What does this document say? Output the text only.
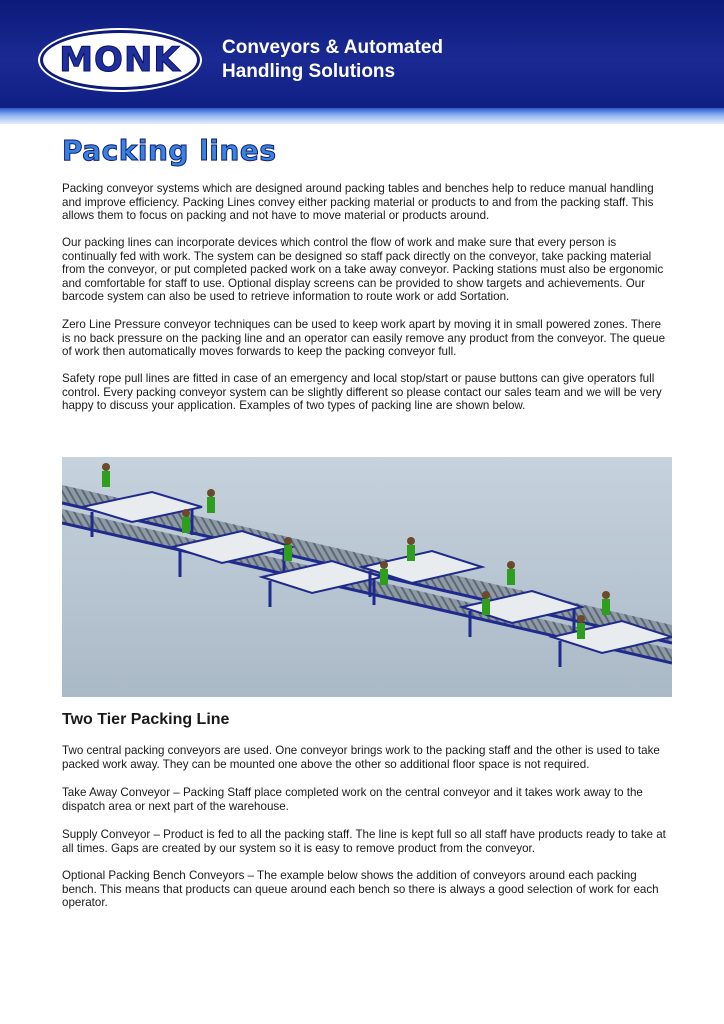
MONK Conveyors & Automated
Handling Solutions
Packing lines

Packing conveyor systems which are designed around packing tables and benches help to reduce manual handling and improve efficiency. Packing Lines convey either packing material or products to and from the packing staff. This allows them to focus on packing and not have to move material or products around.

Our packing lines can incorporate devices which control the flow of work and make sure that every person is continually fed with work. The system can be designed so staff pack directly on the conveyor, take packing material from the conveyor, or put completed packed work on a take away conveyor. Packing stations must also be ergonomic and comfortable for staff to use. Optional display screens can be provided to show targets and achievements. Our barcode system can also be used to retrieve information to route work or add Sortation.

Zero Line Pressure conveyor techniques can be used to keep work apart by moving it in small powered zones. There is no back pressure on the packing line and an operator can easily remove any product from the conveyor. The queue of work then automatically moves forwards to keep the packing conveyor full.

Safety rope pull lines are fitted in case of an emergency and local stop/start or pause buttons can give operators full control. Every packing conveyor system can be slightly different so please contact our sales team and we will be very happy to discuss your application. Examples of two types of packing line are shown below.

Two Tier Packing Line

Two central packing conveyors are used. One conveyor brings work to the packing staff and the other is used to take packed work away. They can be mounted one above the other so additional floor space is not required.

Take Away Conveyor – Packing Staff place completed work on the central conveyor and it takes work away to the dispatch area or next part of the warehouse.

Supply Conveyor – Product is fed to all the packing staff. The line is kept full so all staff have products ready to take at all times. Gaps are created by our system so it is easy to remove product from the conveyor.

Optional Packing Bench Conveyors – The example below shows the addition of conveyors around each packing bench. This means that products can queue around each bench so there is always a good selection of work for each operator.
